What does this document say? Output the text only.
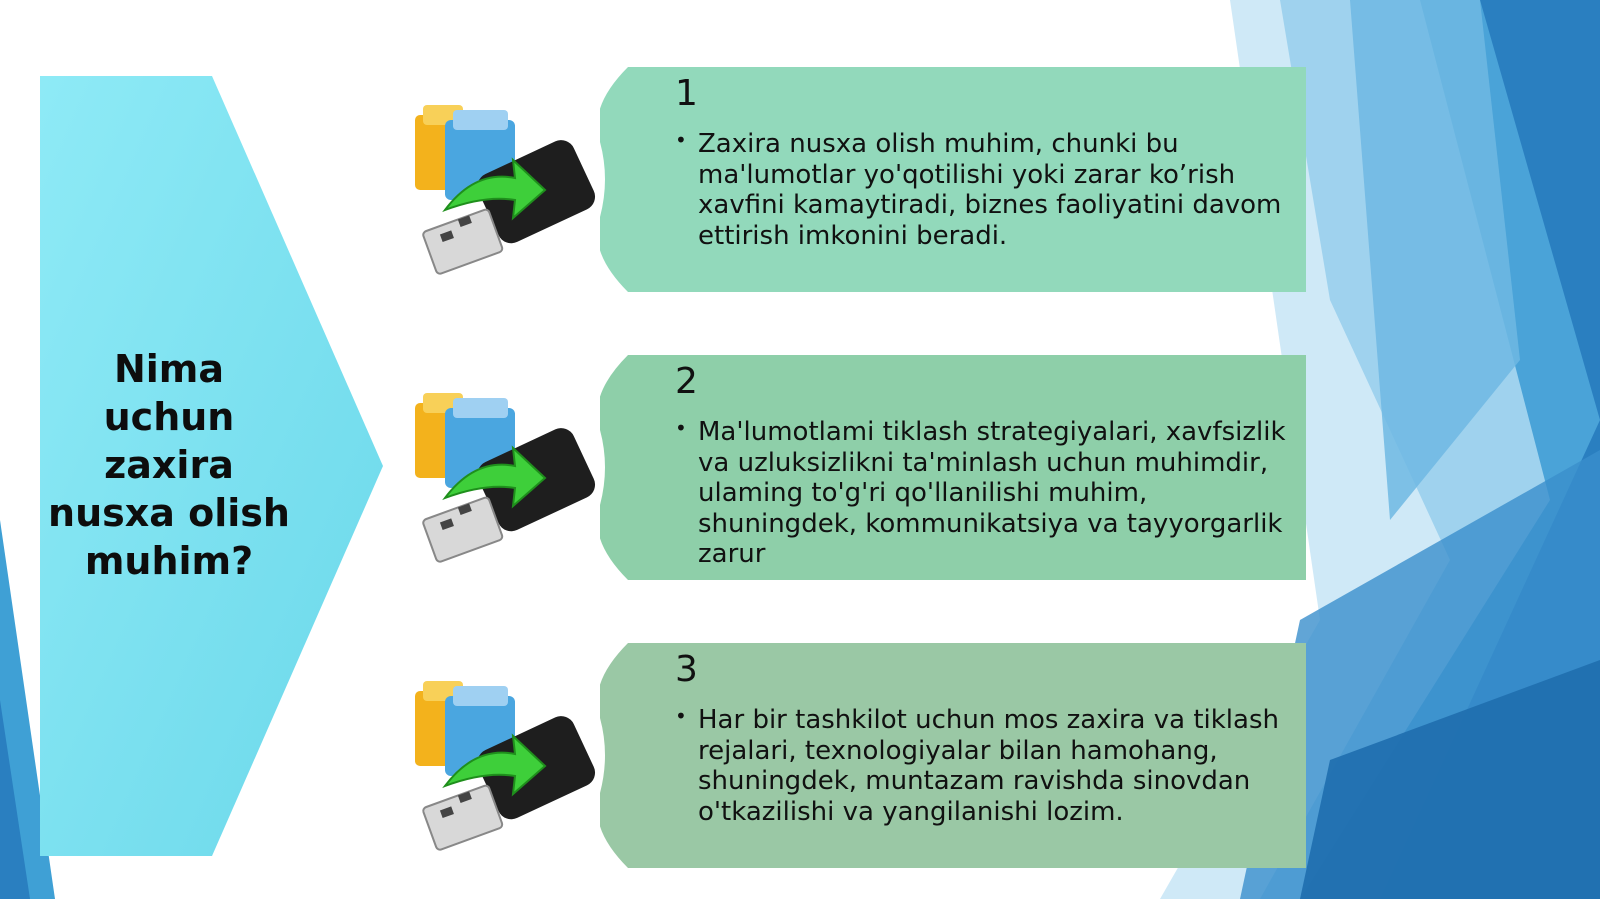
Nima uchun zaxira nusxa olish muhim?
1
• Zaxira nusxa olish muhim, chunki bu ma'lumotlar yo'qotilishi yoki zarar ko’rish xavfini kamaytiradi, biznes faoliyatini davom ettirish imkonini beradi.
2
• Ma'lumotlami tiklash strategiyalari, xavfsizlik va uzluksizlikni ta'minlash uchun muhimdir, ulaming to'g'ri qo'llanilishi muhim, shuningdek, kommunikatsiya va tayyorgarlik zarur
3
• Har bir tashkilot uchun mos zaxira va tiklash rejalari, texnologiyalar bilan hamohang, shuningdek, muntazam ravishda sinovdan o'tkazilishi va yangilanishi lozim.
